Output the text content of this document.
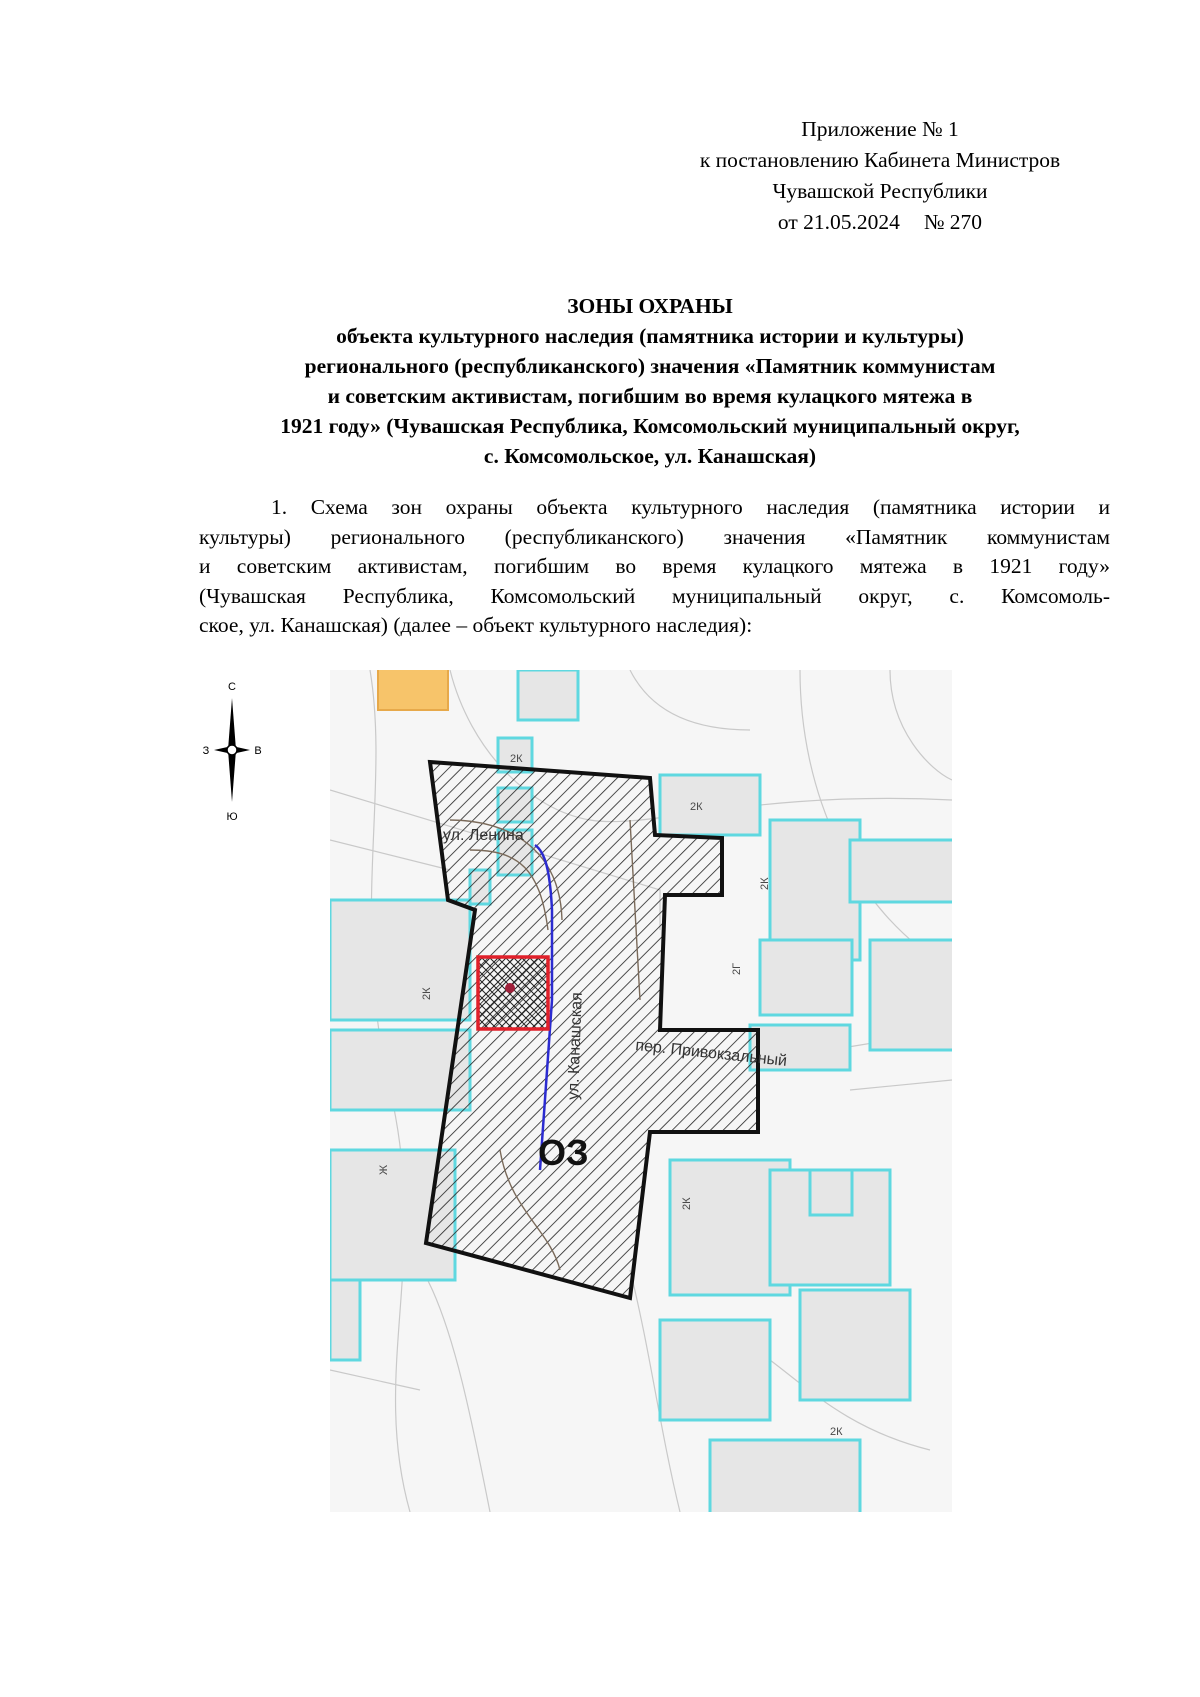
Приложение № 1
к постановлению Кабинета Министров
Чувашской Республики
от 21.05.2024 № 270
ЗОНЫ ОХРАНЫ
объекта культурного наследия (памятника истории и культуры)
регионального (республиканского) значения «Памятник коммунистам
и советским активистам, погибшим во время кулацкого мятежа в
1921 году» (Чувашская Республика, Комсомольский муниципальный округ,
с. Комсомольское, ул. Канашская)
1. Схема зон охраны объекта культурного наследия (памятника истории и
культуры) регионального (республиканского) значения «Памятник коммунистам
и советским активистам, погибшим во время кулацкого мятежа в 1921 году»
(Чувашская Республика, Комсомольский муниципальный округ, с. Комсомоль-
ское, ул. Канашская) (далее – объект культурного наследия):
С
З	В
Ю
2К
2К
2К
2К
2Г
2К
Ж
2К
ул. Ленина
ул. Канашская	пер. Привокзальный
ОЗ
